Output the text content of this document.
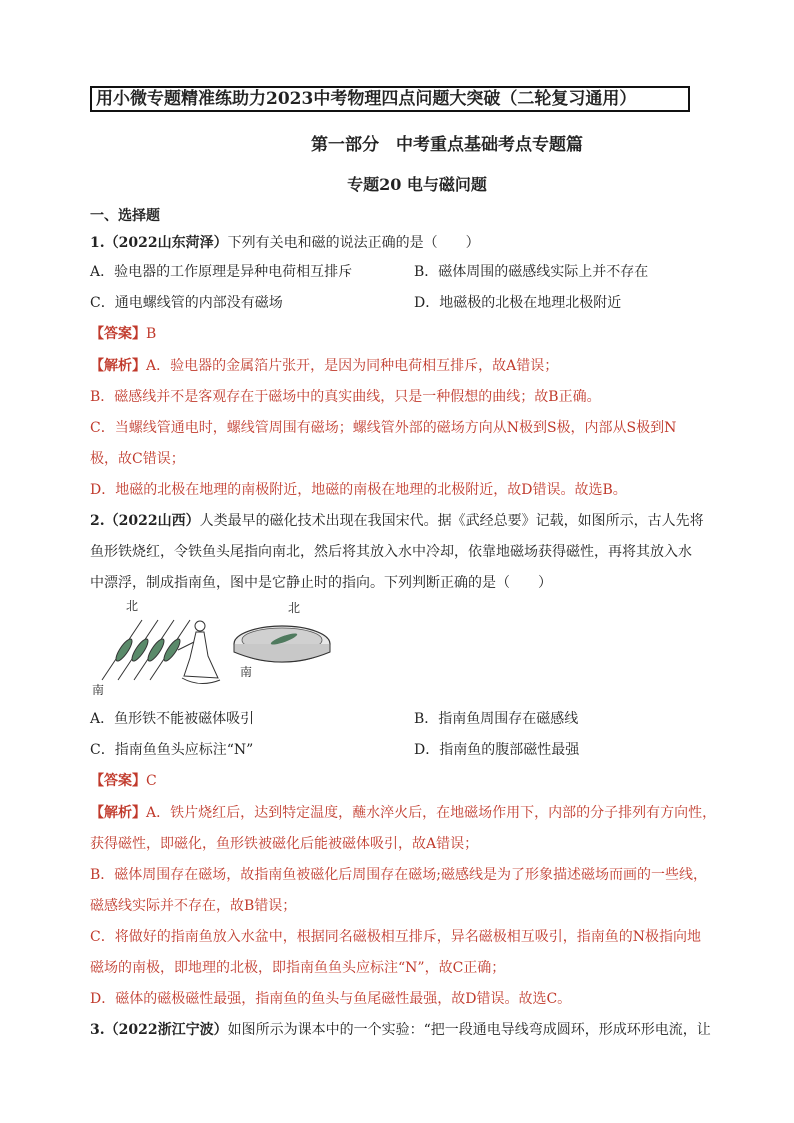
用小微专题精准练助力2023中考物理四点问题大突破（二轮复习通用）
第一部分　中考重点基础考点专题篇
专题20 电与磁问题
一、选择题
1.（2022山东菏泽）下列有关电和磁的说法正确的是（　　）
A．验电器的工作原理是异种电荷相互排斥	B．磁体周围的磁感线实际上并不存在
C．通电螺线管的内部没有磁场	D．地磁极的北极在地理北极附近
【答案】B
【解析】A．验电器的金属箔片张开，是因为同种电荷相互排斥，故A错误；
B．磁感线并不是客观存在于磁场中的真实曲线，只是一种假想的曲线；故B正确。
C．当螺线管通电时，螺线管周围有磁场；螺线管外部的磁场方向从N极到S极，内部从S极到N
极，故C错误；
D．地磁的北极在地理的南极附近，地磁的南极在地理的北极附近，故D错误。故选B。
2.（2022山西）人类最早的磁化技术出现在我国宋代。据《武经总要》记载，如图所示，古人先将
鱼形铁烧红，令铁鱼头尾指向南北，然后将其放入水中冷却，依靠地磁场获得磁性，再将其放入水
中漂浮，制成指南鱼，图中是它静止时的指向。下列判断正确的是（　　）
北
南
北
南
A．鱼形铁不能被磁体吸引	B．指南鱼周围存在磁感线
C．指南鱼鱼头应标注“N”	D．指南鱼的腹部磁性最强
【答案】C
【解析】A．铁片烧红后，达到特定温度，蘸水淬火后，在地磁场作用下，内部的分子排列有方向性，
获得磁性，即磁化，鱼形铁被磁化后能被磁体吸引，故A错误；
B．磁体周围存在磁场，故指南鱼被磁化后周围存在磁场;磁感线是为了形象描述磁场而画的一些线，
磁感线实际并不存在，故B错误；
C．将做好的指南鱼放入水盆中，根据同名磁极相互排斥，异名磁极相互吸引，指南鱼的N极指向地
磁场的南极，即地理的北极，即指南鱼鱼头应标注“N”，故C正确；
D．磁体的磁极磁性最强，指南鱼的鱼头与鱼尾磁性最强，故D错误。故选C。
3.（2022浙江宁波）如图所示为课本中的一个实验：“把一段通电导线弯成圆环，形成环形电流，让
